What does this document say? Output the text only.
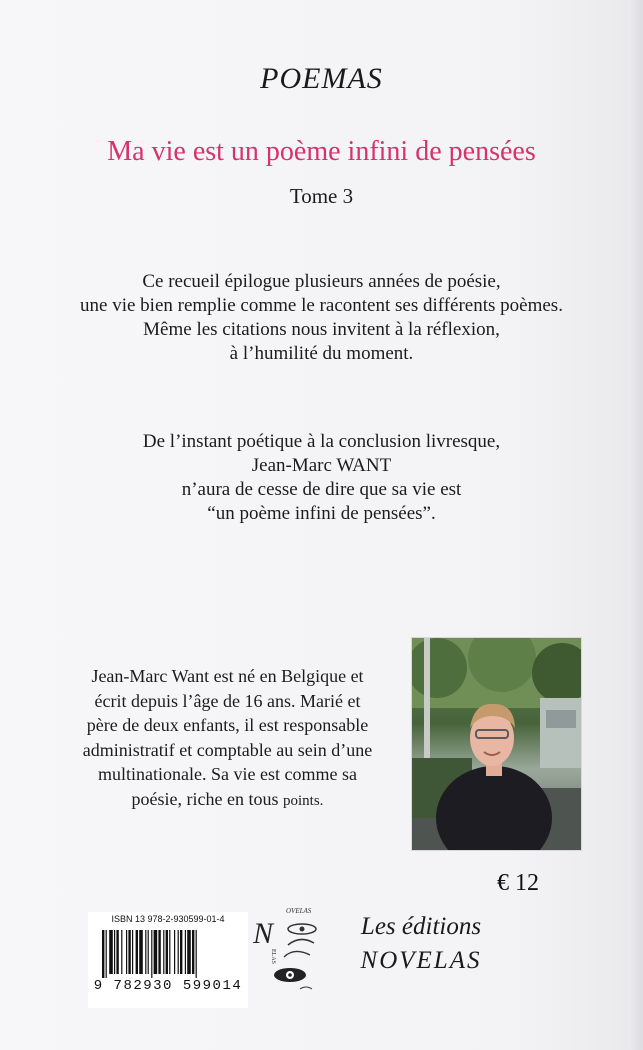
POEMAS
Ma vie est un poème infini de pensées
Tome 3
Ce recueil épilogue plusieurs années de poésie,
une vie bien remplie comme le racontent ses différents poèmes.
Même les citations nous invitent à la réflexion,
à l’humilité du moment.
De l’instant poétique à la conclusion livresque,
Jean-Marc WANT
n’aura de cesse de dire que sa vie est
“un poème infini de pensées”.
Jean-Marc Want est né en Belgique et
écrit depuis l’âge de 16 ans. Marié et
père de deux enfants, il est responsable
administratif et comptable au sein d’une
multinationale. Sa vie est comme sa
poésie, riche en tous points.
€ 12
ISBN 13 978-2-930599-01-4
9 782930 599014
OVELAS
N
ELAS
Les éditions
NOVELAS
